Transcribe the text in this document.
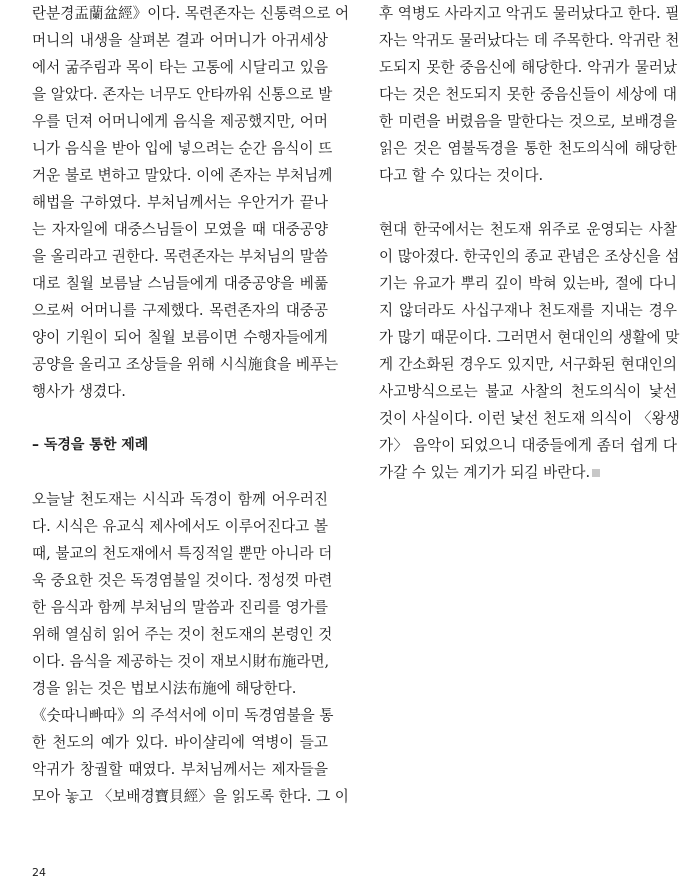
란분경盂蘭盆經》이다. 목련존자는 신통력으로 어
머니의 내생을 살펴본 결과 어머니가 아귀세상
에서 굶주림과 목이 타는 고통에 시달리고 있음
을 알았다. 존자는 너무도 안타까워 신통으로 발
우를 던져 어머니에게 음식을 제공했지만, 어머
니가 음식을 받아 입에 넣으려는 순간 음식이 뜨
거운 불로 변하고 말았다. 이에 존자는 부처님께
해법을 구하였다. 부처님께서는 우안거가 끝나
는 자자일에 대중스님들이 모였을 때 대중공양
을 올리라고 권한다. 목련존자는 부처님의 말씀
대로 칠월 보름날 스님들에게 대중공양을 베풂
으로써 어머니를 구제했다. 목련존자의 대중공
양이 기원이 되어 칠월 보름이면 수행자들에게
공양을 올리고 조상들을 위해 시식施食을 베푸는
행사가 생겼다.
– 독경을 통한 제례
오늘날 천도재는 시식과 독경이 함께 어우러진
다. 시식은 유교식 제사에서도 이루어진다고 볼
때, 불교의 천도재에서 특징적일 뿐만 아니라 더
욱 중요한 것은 독경염불일 것이다. 정성껏 마련
한 음식과 함께 부처님의 말씀과 진리를 영가를
위해 열심히 읽어 주는 것이 천도재의 본령인 것
이다. 음식을 제공하는 것이 재보시財布施라면,
경을 읽는 것은 법보시法布施에 해당한다.
《숫따니빠따》의 주석서에 이미 독경염불을 통
한 천도의 예가 있다. 바이샬리에 역병이 들고
악귀가 창궐할 때였다. 부처님께서는 제자들을
모아 놓고 〈보배경寶貝經〉을 읽도록 한다. 그 이
후 역병도 사라지고 악귀도 물러났다고 한다. 필
자는 악귀도 물러났다는 데 주목한다. 악귀란 천
도되지 못한 중음신에 해당한다. 악귀가 물러났
다는 것은 천도되지 못한 중음신들이 세상에 대
한 미련을 버렸음을 말한다는 것으로, 보배경을
읽은 것은 염불독경을 통한 천도의식에 해당한
다고 할 수 있다는 것이다.
현대 한국에서는 천도재 위주로 운영되는 사찰
이 많아졌다. 한국인의 종교 관념은 조상신을 섬
기는 유교가 뿌리 깊이 박혀 있는바, 절에 다니
지 않더라도 사십구재나 천도재를 지내는 경우
가 많기 때문이다. 그러면서 현대인의 생활에 맞
게 간소화된 경우도 있지만, 서구화된 현대인의
사고방식으로는 불교 사찰의 천도의식이 낯선
것이 사실이다. 이런 낯선 천도재 의식이 〈왕생
가〉 음악이 되었으니 대중들에게 좀더 쉽게 다
가갈 수 있는 계기가 되길 바란다.
24
